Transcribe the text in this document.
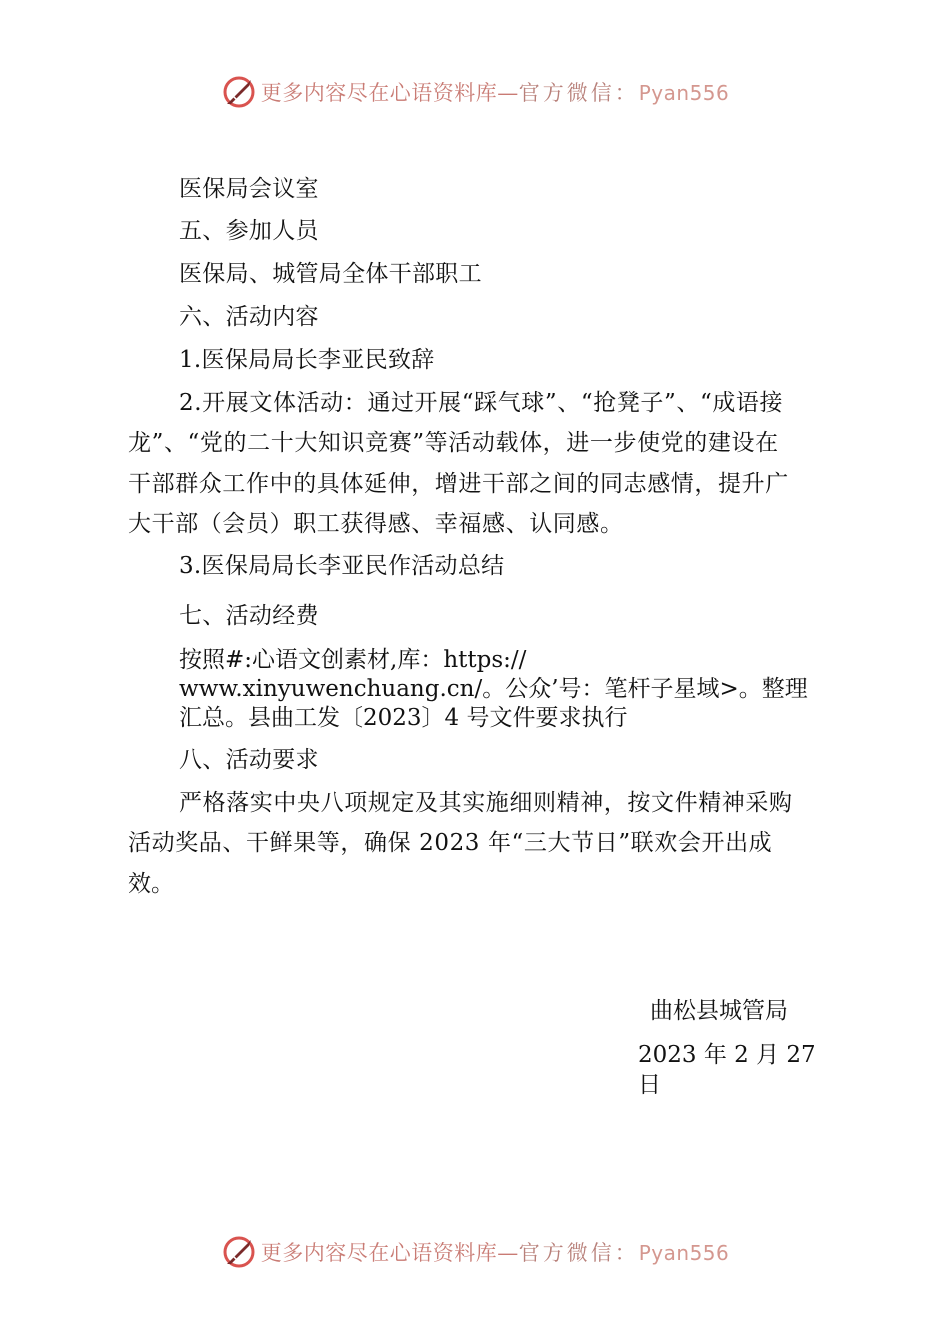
更多内容尽在心语资料库—官方微信：Pyan556
医保局会议室
五、参加人员
医保局、城管局全体干部职工
六、活动内容
1.医保局局长李亚民致辞
2.开展文体活动：通过开展“踩气球”、“抢凳子”、“成语接
龙”、“党的二十大知识竞赛”等活动载体，进一步使党的建设在
干部群众工作中的具体延伸，增进干部之间的同志感情，提升广
大干部（会员）职工获得感、幸福感、认同感。
3.医保局局长李亚民作活动总结
七、活动经费
按照#:心语文创素材,库：https://
www.xinyuwenchuang.cn/。公众’号：笔杆子星域>。整理
汇总。县曲工发〔2023〕4 号文件要求执行
八、活动要求
严格落实中央八项规定及其实施细则精神，按文件精神采购
活动奖品、干鲜果等，确保 2023 年“三大节日”联欢会开出成
效。
曲松县城管局
2023 年 2 月 27
日
更多内容尽在心语资料库—官方微信：Pyan556
